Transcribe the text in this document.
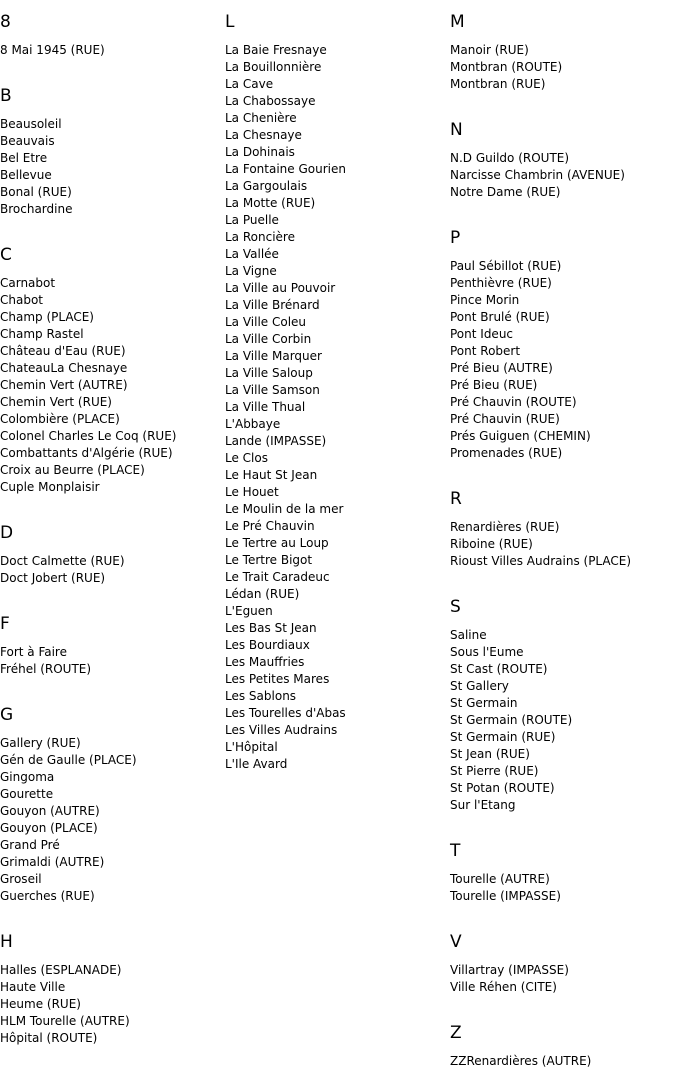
8
8 Mai 1945 (RUE)
B
Beausoleil
Beauvais
Bel Etre
Bellevue
Bonal (RUE)
Brochardine
C
Carnabot
Chabot
Champ (PLACE)
Champ Rastel
Château d'Eau (RUE)
ChateauLa Chesnaye
Chemin Vert (AUTRE)
Chemin Vert (RUE)
Colombière (PLACE)
Colonel Charles Le Coq (RUE)
Combattants d'Algérie (RUE)
Croix au Beurre (PLACE)
Cuple Monplaisir
D
Doct Calmette (RUE)
Doct Jobert (RUE)
F
Fort à Faire
Fréhel (ROUTE)
G
Gallery (RUE)
Gén de Gaulle (PLACE)
Gingoma
Gourette
Gouyon (AUTRE)
Gouyon (PLACE)
Grand Pré
Grimaldi (AUTRE)
Groseil
Guerches (RUE)
H
Halles (ESPLANADE)
Haute Ville
Heume (RUE)
HLM Tourelle (AUTRE)
Hôpital (ROUTE)
L
La Baie Fresnaye
La Bouillonnière
La Cave
La Chabossaye
La Chenière
La Chesnaye
La Dohinais
La Fontaine Gourien
La Gargoulais
La Motte (RUE)
La Puelle
La Roncière
La Vallée
La Vigne
La Ville au Pouvoir
La Ville Brénard
La Ville Coleu
La Ville Corbin
La Ville Marquer
La Ville Saloup
La Ville Samson
La Ville Thual
L'Abbaye
Lande (IMPASSE)
Le Clos
Le Haut St Jean
Le Houet
Le Moulin de la mer
Le Pré Chauvin
Le Tertre au Loup
Le Tertre Bigot
Le Trait Caradeuc
Lédan (RUE)
L'Eguen
Les Bas St Jean
Les Bourdiaux
Les Mauffries
Les Petites Mares
Les Sablons
Les Tourelles d'Abas
Les Villes Audrains
L'Hôpital
L'Ile Avard
M
Manoir (RUE)
Montbran (ROUTE)
Montbran (RUE)
N
N.D Guildo (ROUTE)
Narcisse Chambrin (AVENUE)
Notre Dame (RUE)
P
Paul Sébillot (RUE)
Penthièvre (RUE)
Pince Morin
Pont Brulé (RUE)
Pont Ideuc
Pont Robert
Pré Bieu (AUTRE)
Pré Bieu (RUE)
Pré Chauvin (ROUTE)
Pré Chauvin (RUE)
Prés Guiguen (CHEMIN)
Promenades (RUE)
R
Renardières (RUE)
Riboine (RUE)
Rioust Villes Audrains (PLACE)
S
Saline
Sous l'Eume
St Cast (ROUTE)
St Gallery
St Germain
St Germain (ROUTE)
St Germain (RUE)
St Jean (RUE)
St Pierre (RUE)
St Potan (ROUTE)
Sur l'Etang
T
Tourelle (AUTRE)
Tourelle (IMPASSE)
V
Villartray (IMPASSE)
Ville Réhen (CITE)
Z
ZZRenardières (AUTRE)
